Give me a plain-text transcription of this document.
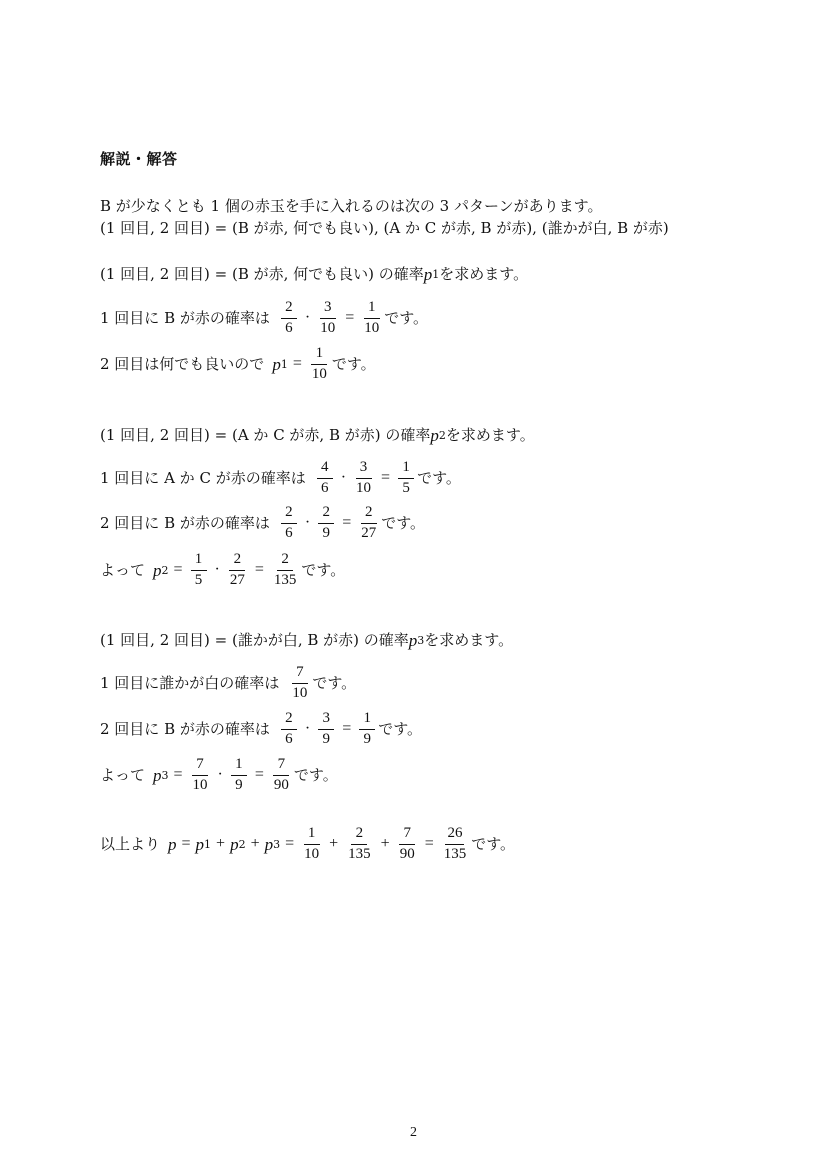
解説・解答
B が少なくとも 1 個の赤玉を手に入れるのは次の 3 パターンがあります。
(1 回目, 2 回目) = (B が赤, 何でも良い), (A か C が赤, B が赤), (誰かが白, B が赤)
(1 回目, 2 回目) = (B が赤, 何でも良い) の確率 p 1 を求めます。
1 回目に B が赤の確率は $\frac{2}{6} \cdot \frac{3}{10} = \frac{1}{10}$ です。
2 回目は何でも良いので p $1 = \frac{1}{10}$ です。
(1 回目, 2 回目) = (A か C が赤, B が赤) の確率 p 2 を求めます。
1 回目に A か C が赤の確率は $\frac{4}{6} \cdot \frac{3}{10} = \frac{1}{5}$ です。
2 回目に B が赤の確率は $\frac{2}{6} \cdot \frac{2}{9} = \frac{2}{27}$ です。
よって p $2 = \frac{1}{5} \cdot \frac{2}{27} = \frac{2}{135}$ です。
(1 回目, 2 回目) = (誰かが白, B が赤) の確率 p 3 を求めます。
1 回目に誰かが白の確率は $\frac{7}{10}$ です。
2 回目に B が赤の確率は $\frac{2}{6} \cdot \frac{3}{9} = \frac{1}{9}$ です。
よって p $3 = \frac{7}{10} \cdot \frac{1}{9} = \frac{7}{90}$ です。
以上より p = p 1 + p 2 + p $3 = \frac{1}{10} + \frac{2}{135} + \frac{7}{90} = \frac{26}{135}$ です。
2
